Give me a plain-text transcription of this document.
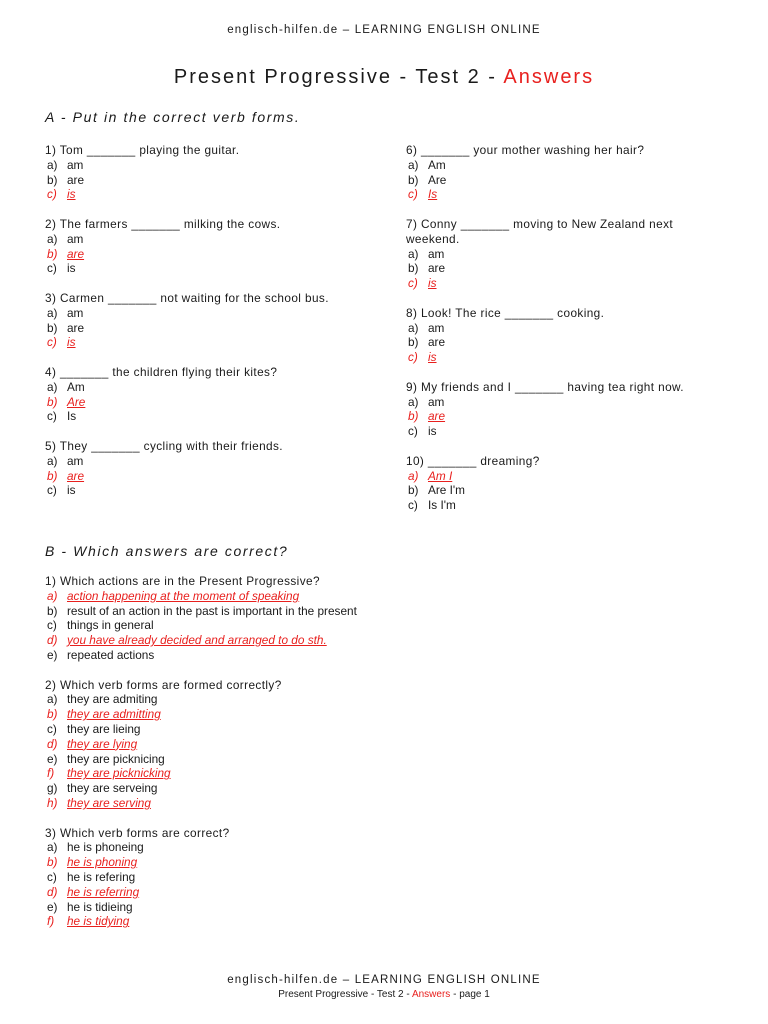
englisch-hilfen.de – LEARNING ENGLISH ONLINE
Present Progressive - Test 2 - Answers
A - Put in the correct verb forms.
1) Tom _______ playing the guitar.
a) am
b) are
c) is
2) The farmers _______ milking the cows.
a) am
b) are
c) is
3) Carmen _______ not waiting for the school bus.
a) am
b) are
c) is
4) _______ the children flying their kites?
a) Am
b) Are
c) Is
5) They _______ cycling with their friends.
a) am
b) are
c) is
6) _______ your mother washing her hair?
a) Am
b) Are
c) Is
7) Conny _______ moving to New Zealand next weekend.
a) am
b) are
c) is
8) Look! The rice _______ cooking.
a) am
b) are
c) is
9) My friends and I _______ having tea right now.
a) am
b) are
c) is
10) _______ dreaming?
a) Am I
b) Are I'm
c) Is I'm
B - Which answers are correct?
1) Which actions are in the Present Progressive?
a) action happening at the moment of speaking
b) result of an action in the past is important in the present
c) things in general
d) you have already decided and arranged to do sth.
e) repeated actions
2) Which verb forms are formed correctly?
a) they are admiting
b) they are admitting
c) they are lieing
d) they are lying
e) they are picknicing
f)	they are picknicking
g) they are serveing
h) they are serving
3) Which verb forms are correct?
a) he is phoneing
b) he is phoning
c) he is refering
d) he is referring
e) he is tidieing
f)	he is tidying
englisch-hilfen.de – LEARNING ENGLISH ONLINE
Present Progressive - Test 2 - Answers - page 1
